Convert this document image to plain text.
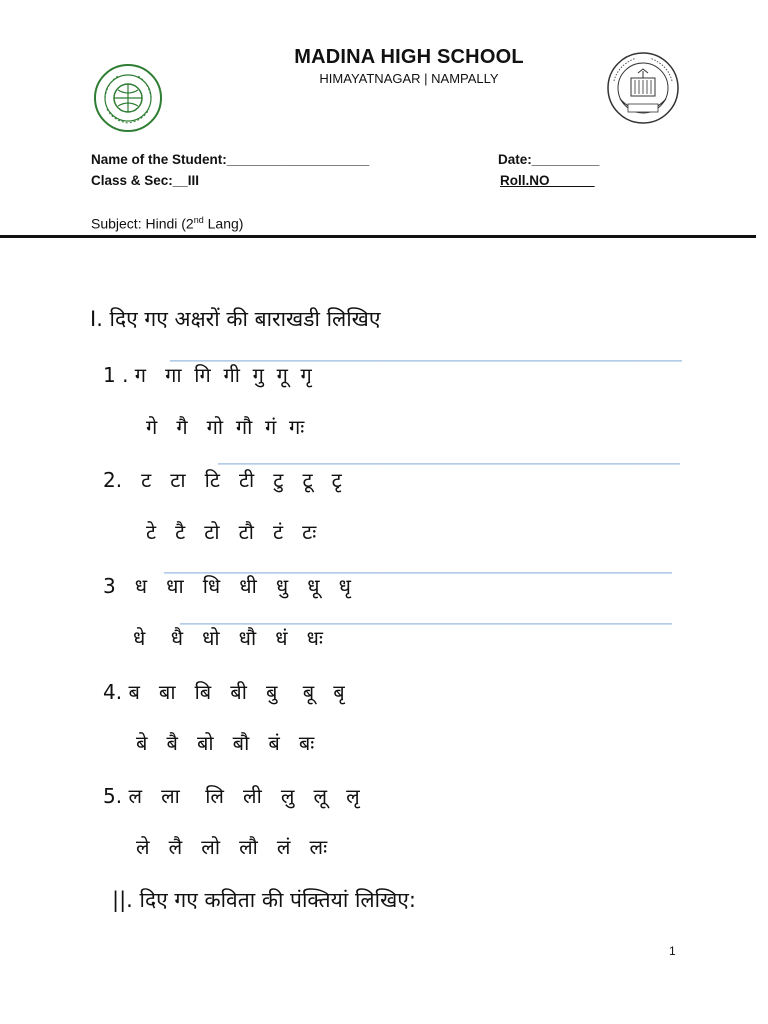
MADINA HIGH SCHOOL
HIMAYATNAGAR | NAMPALLY
Name of the Student:___________________	Date:_________
Class & Sec:__III	Roll.NO______
Subject: Hindi (2nd Lang)
I. दिए गए अक्षरों की बाराखडी लिखिए
1 . ग   गा  गि  गी  गु  गू  गृ
गे   गै   गो  गौ  गं  गः
2.   ट   टा   टि   टी   टु   टू   टृ
टे   टै   टो   टौ   टं   टः
3   ध   धा   धि   धी   धु   धू   धृ
धे    धै   धो   धौ   धं   धः
4. ब   बा   बि   बी   बु    बू   बृ
बे   बै   बो   बौ   बं   बः
5. ल   ला    लि   ली   लु   लू   लृ
ले   लै   लो   लौ   लं   लः
||. दिए गए कविता की पंक्तियां लिखिए:
1
